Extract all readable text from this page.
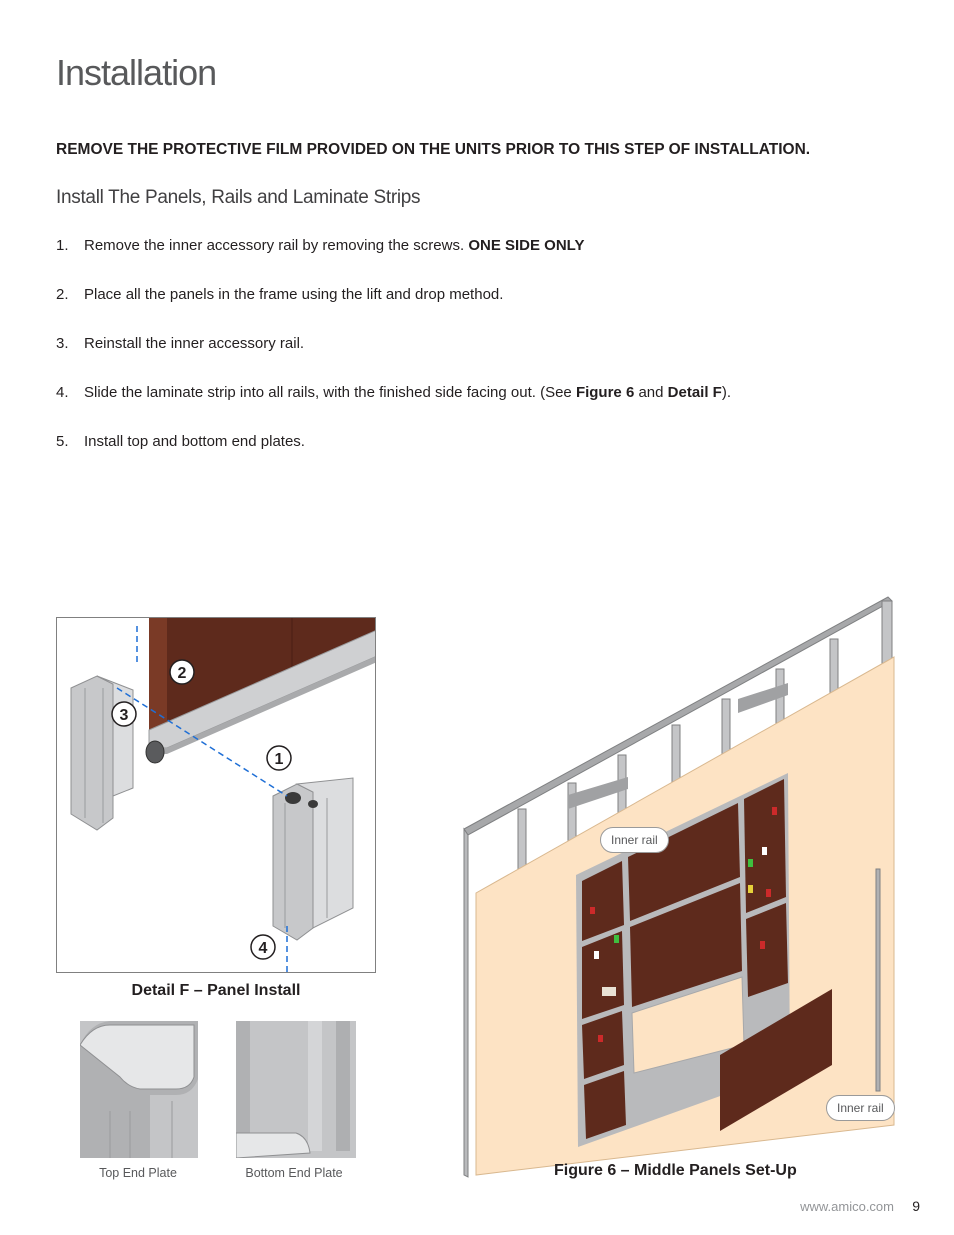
Installation
REMOVE THE PROTECTIVE FILM PROVIDED ON THE UNITS PRIOR TO THIS STEP OF INSTALLATION.
Install The Panels, Rails and Laminate Strips
1. Remove the inner accessory rail by removing the screws. ONE SIDE ONLY
2. Place all the panels in the frame using the lift and drop method.
3. Reinstall the inner accessory rail.
4. Slide the laminate strip into all rails, with the finished side facing out. (See Figure 6 and Detail F).
5. Install top and bottom end plates.
2
3
1
4
Detail F – Panel Install
Top End Plate	Bottom End Plate
Inner rail
Inner rail
Figure 6 – Middle Panels Set-Up
www.amico.com 9
